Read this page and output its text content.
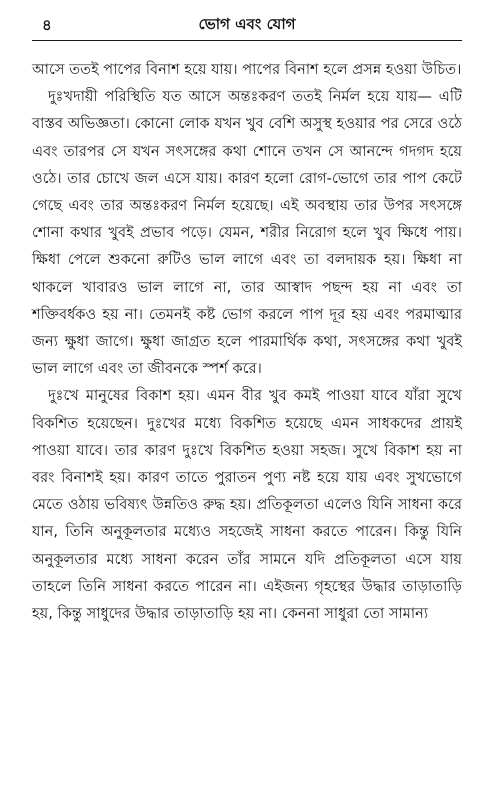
৪	ভোগ এবং যোগ

আসে ততই পাপের বিনাশ হয়ে যায়। পাপের বিনাশ হলে প্রসন্ন হওয়া উচিত।

দুঃখদায়ী পরিস্থিতি যত আসে অন্তঃকরণ ততই নির্মল হয়ে যায়— এটি বাস্তব অভিজ্ঞতা। কোনো লোক যখন খুব বেশি অসুস্থ হওয়ার পর সেরে ওঠে এবং তারপর সে যখন সৎসঙ্গের কথা শোনে তখন সে আনন্দে গদগদ হয়ে ওঠে। তার চোখে জল এসে যায়। কারণ হলো রোগ-ভোগে তার পাপ কেটে গেছে এবং তার অন্তঃকরণ নির্মল হয়েছে। এই অবস্থায় তার উপর সৎসঙ্গে শোনা কথার খুবই প্রভাব পড়ে। যেমন, শরীর নিরোগ হলে খুব ক্ষিধে পায়। ক্ষিধা পেলে শুকনো রুটিও ভাল লাগে এবং তা বলদায়ক হয়। ক্ষিধা না থাকলে খাবারও ভাল লাগে না, তার আস্বাদ পছন্দ হয় না এবং তা শক্তিবর্ধকও হয় না। তেমনই কষ্ট ভোগ করলে পাপ দূর হয় এবং পরমাত্মার জন্য ক্ষুধা জাগে। ক্ষুধা জাগ্রত হলে পারমার্থিক কথা, সৎসঙ্গের কথা খুবই ভাল লাগে এবং তা জীবনকে স্পর্শ করে।

দুঃখে মানুষের বিকাশ হয়। এমন বীর খুব কমই পাওয়া যাবে যাঁরা সুখে বিকশিত হয়েছেন। দুঃখের মধ্যে বিকশিত হয়েছে এমন সাধকদের প্রায়ই পাওয়া যাবে। তার কারণ দুঃখে বিকশিত হওয়া সহজ। সুখে বিকাশ হয় না বরং বিনাশই হয়। কারণ তাতে পুরাতন পুণ্য নষ্ট হয়ে যায় এবং সুখভোগে মেতে ওঠায় ভবিষ্যৎ উন্নতিও রুদ্ধ হয়। প্রতিকূলতা এলেও যিনি সাধনা করে যান, তিনি অনুকূলতার মধ্যেও সহজেই সাধনা করতে পারেন। কিন্তু যিনি অনুকূলতার মধ্যে সাধনা করেন তাঁর সামনে যদি প্রতিকূলতা এসে যায় তাহলে তিনি সাধনা করতে পারেন না। এইজন্য গৃহস্থের উদ্ধার তাড়াতাড়ি হয়, কিন্তু সাধুদের উদ্ধার তাড়াতাড়ি হয় না। কেননা সাধুরা তো সামান্য
